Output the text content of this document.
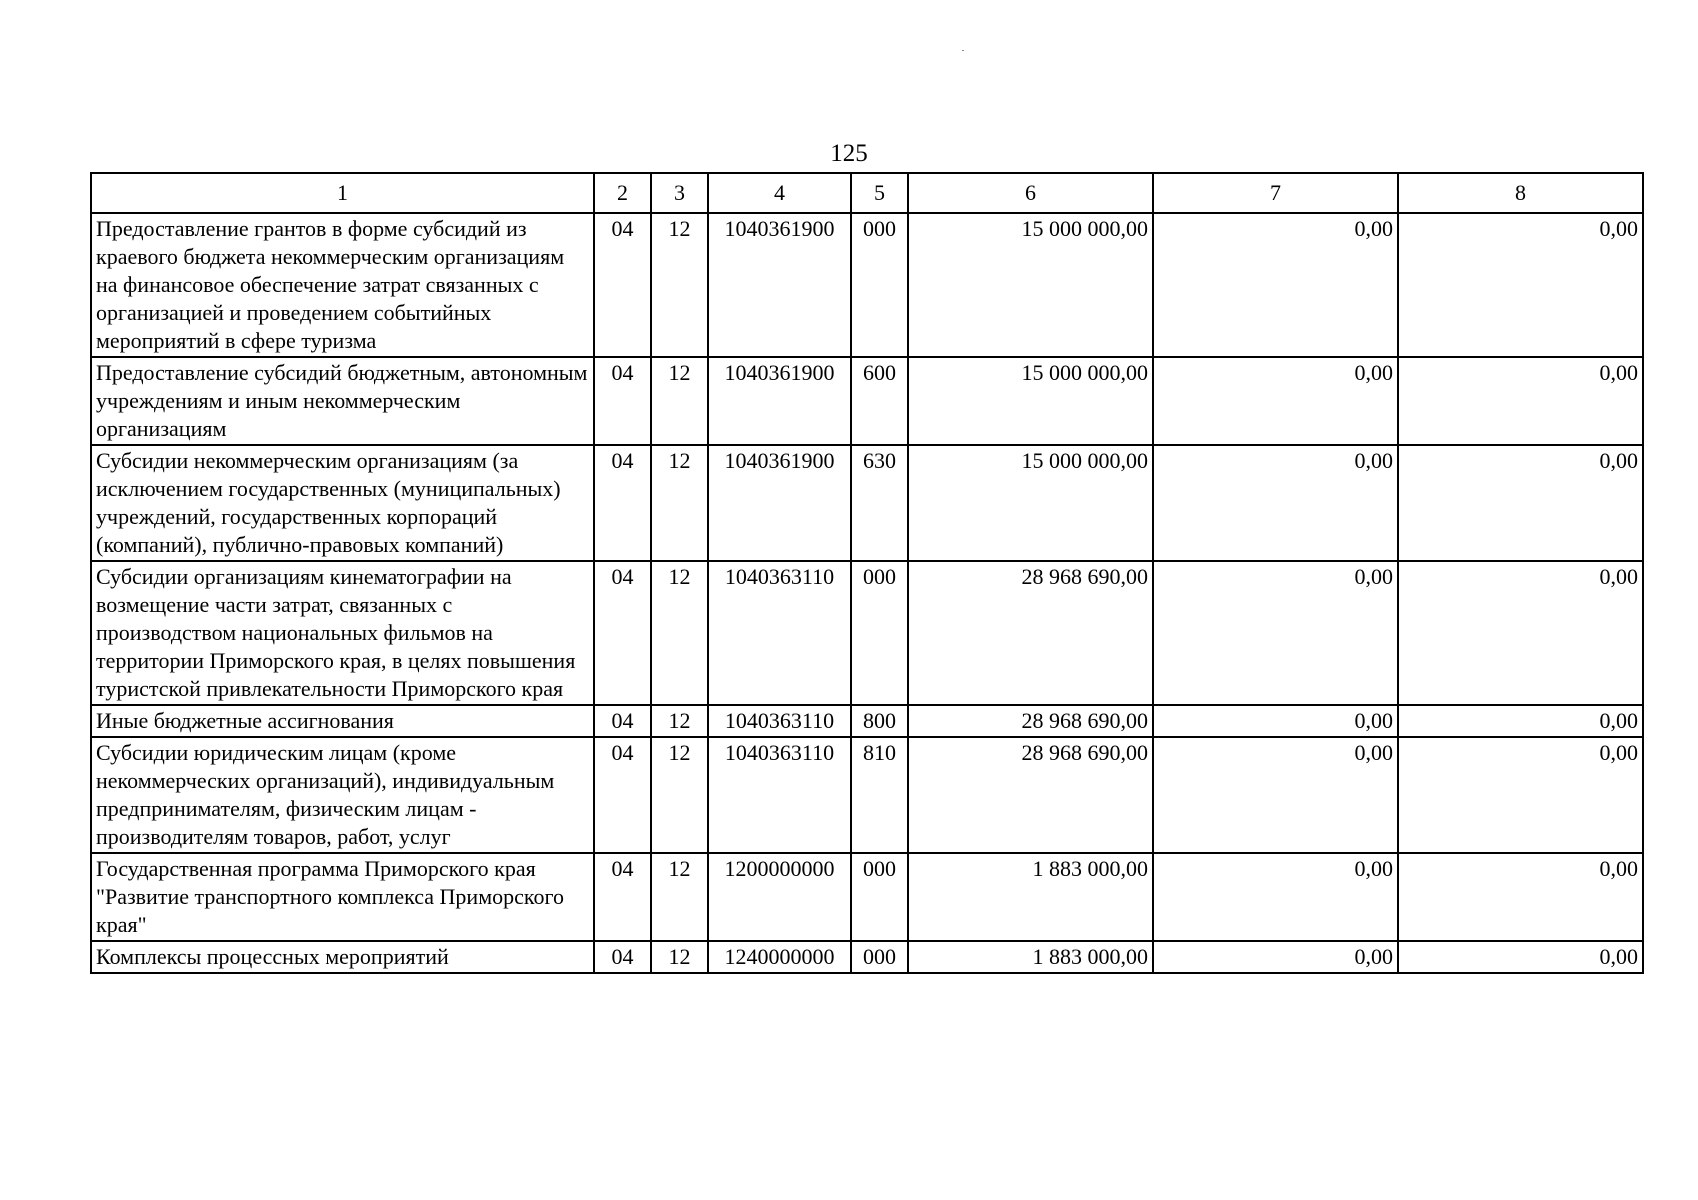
125
1	2	3	4	5	6	7	8
Предоставление грантов в форме субсидий из краевого бюджета некоммерческим организациям на финансовое обеспечение затрат связанных с организацией и проведением событийных мероприятий в сфере туризма	04	12	1040361900	000	15 000 000,00	0,00	0,00
Предоставление субсидий бюджетным, автономным учреждениям и иным некоммерческим организациям	04	12	1040361900	600	15 000 000,00	0,00	0,00
Субсидии некоммерческим организациям (за исключением государственных (муниципальных) учреждений, государственных корпораций (компаний), публично-правовых компаний)	04	12	1040361900	630	15 000 000,00	0,00	0,00
Субсидии организациям кинематографии на возмещение части затрат, связанных с производством национальных фильмов на территории Приморского края, в целях повышения туристской привлекательности Приморского края	04	12	1040363110	000	28 968 690,00	0,00	0,00
Иные бюджетные ассигнования	04	12	1040363110	800	28 968 690,00	0,00	0,00
Субсидии юридическим лицам (кроме некоммерческих организаций), индивидуальным предпринимателям, физическим лицам - производителям товаров, работ, услуг	04	12	1040363110	810	28 968 690,00	0,00	0,00
Государственная программа Приморского края "Развитие транспортного комплекса Приморского края"	04	12	1200000000	000	1 883 000,00	0,00	0,00
Комплексы процессных мероприятий	04	12	1240000000	000	1 883 000,00	0,00	0,00
